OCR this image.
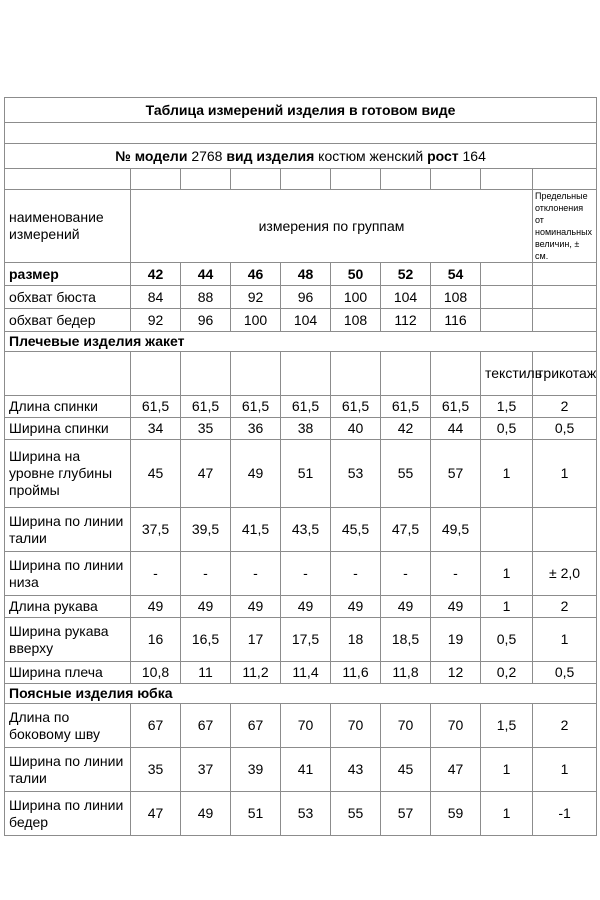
Таблица измерений изделия в готовом виде									

№ модели 2768 вид изделия костюм женский рост 164									

наименование измерений	измерения по группам								Предельные отклонения от номинальных величин, ± см.
размер	42	44	46	48	50	52	54		
обхват бюста	84	88	92	96	100	104	108		
обхват бедер	92	96	100	104	108	112	116		
Плечевые изделия жакет									
								текстиль	трикотаж
Длина спинки	61,5	61,5	61,5	61,5	61,5	61,5	61,5	1,5	2
Ширина спинки	34	35	36	38	40	42	44	0,5	0,5
Ширина на уровне глубины проймы	45	47	49	51	53	55	57	1	1
Ширина по линии талии	37,5	39,5	41,5	43,5	45,5	47,5	49,5		
Ширина по линии низа	-	-	-	-	-	-	-	1	± 2,0
Длина рукава	49	49	49	49	49	49	49	1	2
Ширина рукава вверху	16	16,5	17	17,5	18	18,5	19	0,5	1
Ширина плеча	10,8	11	11,2	11,4	11,6	11,8	12	0,2	0,5
Поясные изделия юбка									
Длина по боковому шву	67	67	67	70	70	70	70	1,5	2
Ширина по линии талии	35	37	39	41	43	45	47	1	1
Ширина по линии бедер	47	49	51	53	55	57	59	1	-1
